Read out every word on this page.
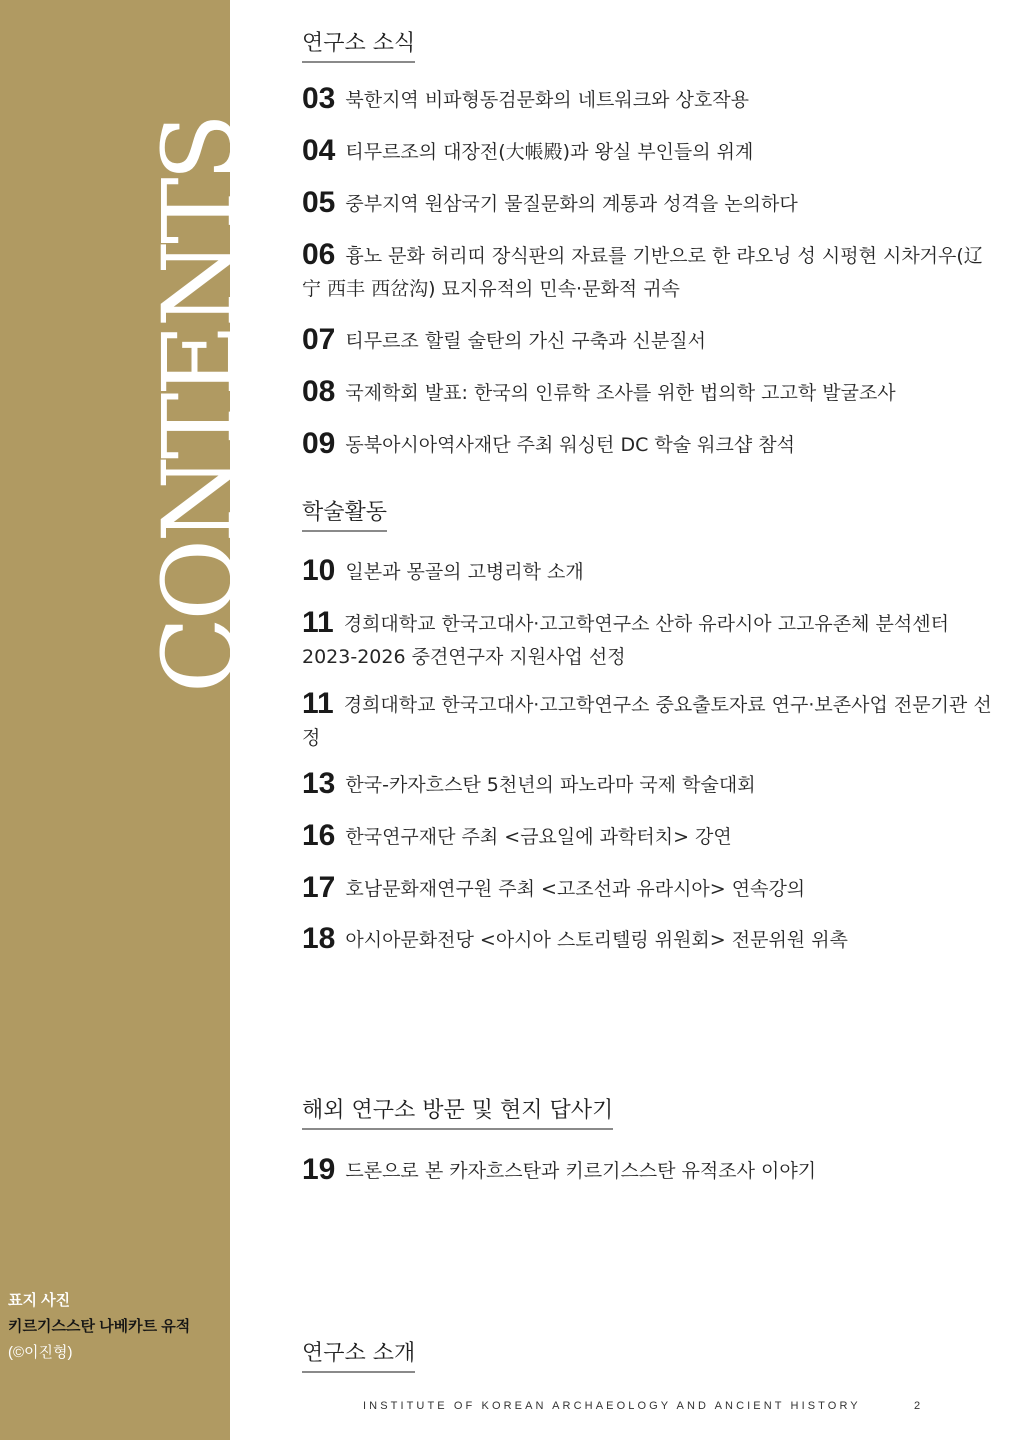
CONTENTS
표지 사진
키르기스스탄 나베카트 유적
(©이진형)
연구소 소식
03 북한지역 비파형동검문화의 네트워크와 상호작용
04 티무르조의 대장전(大帳殿)과 왕실 부인들의 위계
05 중부지역 원삼국기 물질문화의 계통과 성격을 논의하다
06 흉노 문화 허리띠 장식판의 자료를 기반으로 한 랴오닝 성 시펑현 시차거우(辽宁 西丰 西岔沟) 묘지유적의 민속·문화적 귀속
07 티무르조 할릴 술탄의 가신 구축과 신분질서
08 국제학회 발표: 한국의 인류학 조사를 위한 법의학 고고학 발굴조사
09 동북아시아역사재단 주최 워싱턴 DC 학술 워크샵 참석
학술활동
10 일본과 몽골의 고병리학 소개
11 경희대학교 한국고대사·고고학연구소 산하 유라시아 고고유존체 분석센터 2023-2026 중견연구자 지원사업 선정
11 경희대학교 한국고대사·고고학연구소 중요출토자료 연구·보존사업 전문기관 선정
13 한국-카자흐스탄 5천년의 파노라마 국제 학술대회
16 한국연구재단 주최 <금요일에 과학터치> 강연
17 호남문화재연구원 주최 <고조선과 유라시아> 연속강의
18 아시아문화전당 <아시아 스토리텔링 위원회> 전문위원 위촉
해외 연구소 방문 및 현지 답사기
19 드론으로 본 카자흐스탄과 키르기스스탄 유적조사 이야기
연구소 소개
INSTITUTE OF KOREAN ARCHAEOLOGY AND ANCIENT HISTORY	2
